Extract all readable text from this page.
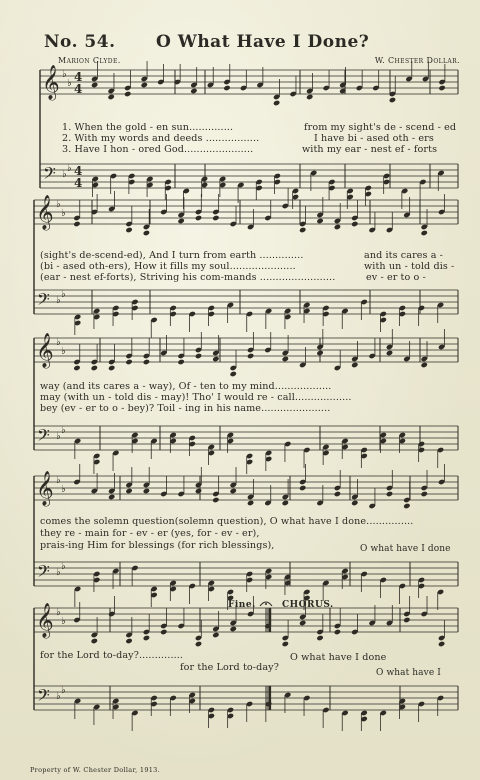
No. 54. O What Have I Done?
Marion Clyde.	W. Chester Dollar.
𝄞
𝄢
♭
♭
♭
♭
4
4
4
4
𝄞
𝄢
♭
♭
♭
♭
𝄞
𝄢
♭
♭
♭
♭
𝄞
𝄢
♭
♭
♭
♭
𝄞
𝄢
♭
♭
♭
♭
1. When the gold - en sun..............	from my sight's de - scend - ed
2. With my words and deeds .................	I have bi - ased oth - ers
3. Have I hon - ored God......................	with my ear - nest ef - forts
(sight's de-scend-ed), And I turn from earth ..............	and its cares a -
(bi - ased oth-ers), How it fills my soul.....................	with un - told dis -
(ear - nest ef-forts), Striving his com-mands ........................	ev - er to o -
way (and its cares a - way), Of - ten to my mind..................
may (with un - told dis - may)! Tho' I would re - call..................
bey (ev - er to o - bey)? Toil - ing in his name......................
comes the solemn question(solemn question), O what have I done...............
they re - main for - ev - er (yes, for - ev - er),
prais-ing Him for blessings (for rich blessings),	O what have I done
Fine.	CHORUS.
for the Lord to-day?..............	O what have I done
for the Lord to-day?	O what have I
Property of W. Chester Dollar, 1913.
